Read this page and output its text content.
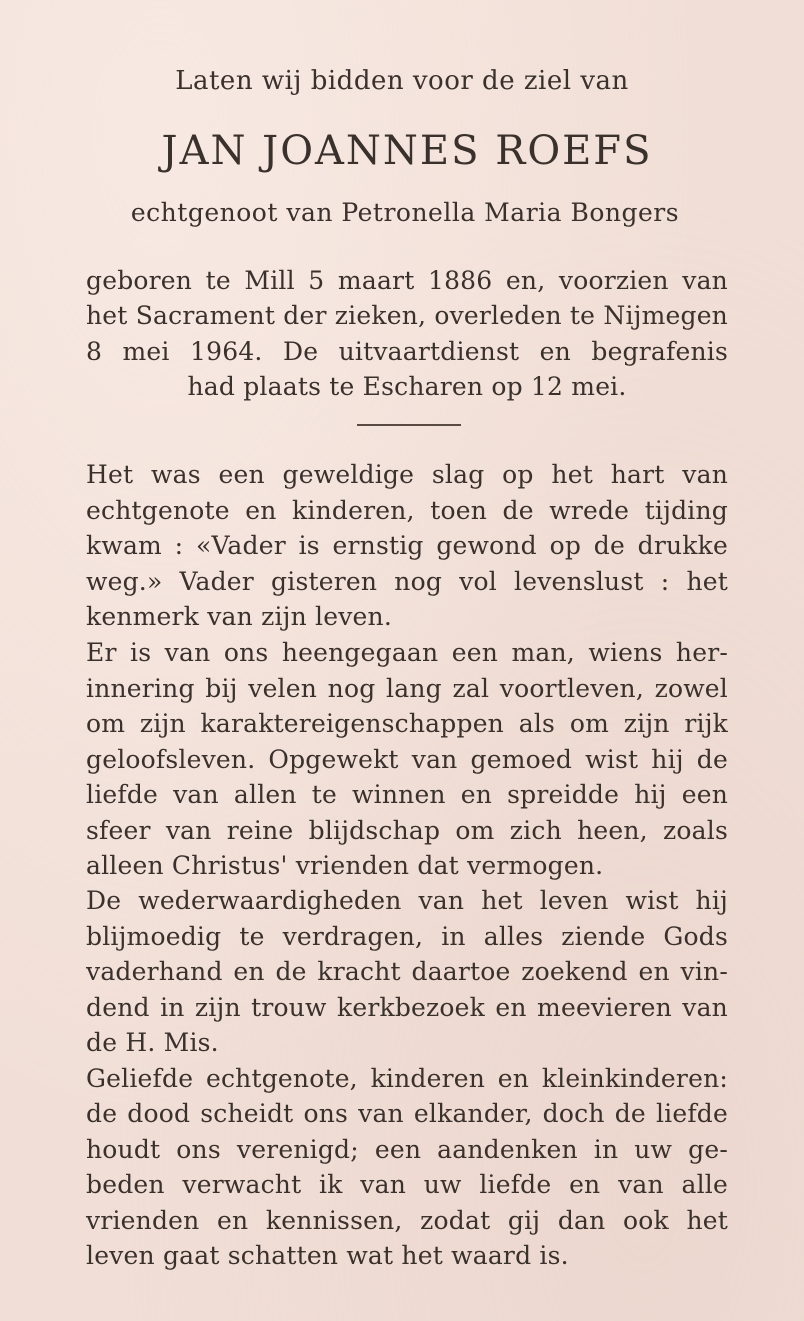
Laten wij bidden voor de ziel van
JAN JOANNES ROEFS
echtgenoot van Petronella Maria Bongers
geboren te Mill 5 maart 1886 en, voorzien van
het Sacrament der zieken, overleden te Nijmegen
8 mei 1964. De uitvaartdienst en begrafenis
had plaats te Escharen op 12 mei.
Het was een geweldige slag op het hart van
echtgenote en kinderen, toen de wrede tijding
kwam : «Vader is ernstig gewond op de drukke
weg.» Vader gisteren nog vol levenslust : het
kenmerk van zijn leven.
Er is van ons heengegaan een man, wiens her-
innering bij velen nog lang zal voortleven, zowel
om zijn karaktereigenschappen als om zijn rijk
geloofsleven. Opgewekt van gemoed wist hij de
liefde van allen te winnen en spreidde hij een
sfeer van reine blijdschap om zich heen, zoals
alleen Christus' vrienden dat vermogen.
De wederwaardigheden van het leven wist hij
blijmoedig te verdragen, in alles ziende Gods
vaderhand en de kracht daartoe zoekend en vin-
dend in zijn trouw kerkbezoek en meevieren van
de H. Mis.
Geliefde echtgenote, kinderen en kleinkinderen:
de dood scheidt ons van elkander, doch de liefde
houdt ons verenigd; een aandenken in uw ge-
beden verwacht ik van uw liefde en van alle
vrienden en kennissen, zodat gij dan ook het
leven gaat schatten wat het waard is.
